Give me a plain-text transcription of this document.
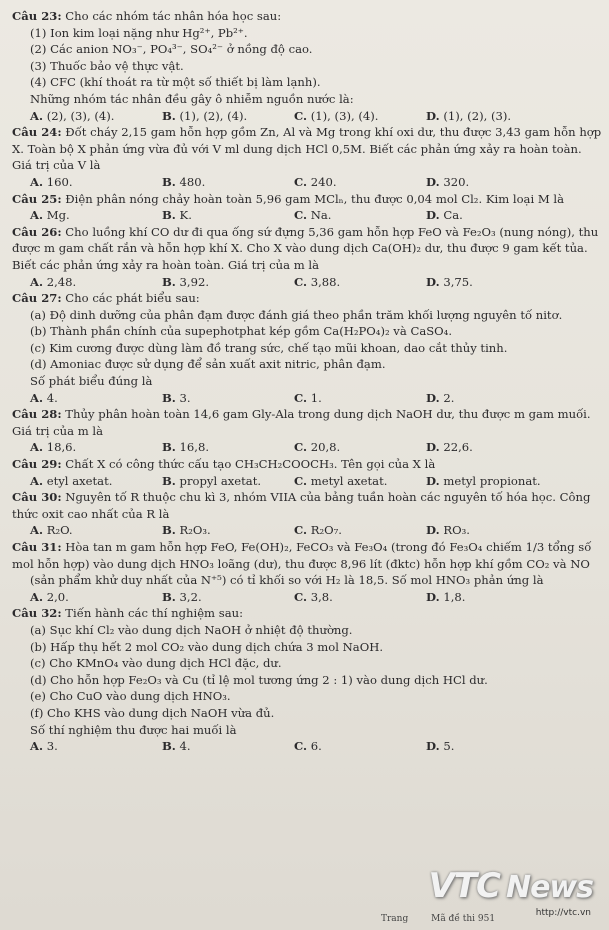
Câu 23: Cho các nhóm tác nhân hóa học sau:
(1) Ion kim loại nặng như Hg²⁺, Pb²⁺.
(2) Các anion NO₃⁻, PO₄³⁻, SO₄²⁻ ở nồng độ cao.
(3) Thuốc bảo vệ thực vật.
(4) CFC (khí thoát ra từ một số thiết bị làm lạnh).
Những nhóm tác nhân đều gây ô nhiễm nguồn nước là:
A. (2), (3), (4).	B. (1), (2), (4).	C. (1), (3), (4).	D. (1), (2), (3).
Câu 24: Đốt cháy 2,15 gam hỗn hợp gồm Zn, Al và Mg trong khí oxi dư, thu được 3,43 gam hỗn hợp
X. Toàn bộ X phản ứng vừa đủ với V ml dung dịch HCl 0,5M. Biết các phản ứng xảy ra hoàn toàn.
Giá trị của V là
A. 160.	B. 480.	C. 240.	D. 320.
Câu 25: Điện phân nóng chảy hoàn toàn 5,96 gam MClₙ, thu được 0,04 mol Cl₂. Kim loại M là
A. Mg.	B. K.	C. Na.	D. Ca.
Câu 26: Cho luồng khí CO dư đi qua ống sứ đựng 5,36 gam hỗn hợp FeO và Fe₂O₃ (nung nóng), thu
được m gam chất rắn và hỗn hợp khí X. Cho X vào dung dịch Ca(OH)₂ dư, thu được 9 gam kết tủa.
Biết các phản ứng xảy ra hoàn toàn. Giá trị của m là
A. 2,48.	B. 3,92.	C. 3,88.	D. 3,75.
Câu 27: Cho các phát biểu sau:
(a) Độ dinh dưỡng của phân đạm được đánh giá theo phần trăm khối lượng nguyên tố nitơ.
(b) Thành phần chính của supephotphat kép gồm Ca(H₂PO₄)₂ và CaSO₄.
(c) Kim cương được dùng làm đồ trang sức, chế tạo mũi khoan, dao cắt thủy tinh.
(d) Amoniac được sử dụng để sản xuất axit nitric, phân đạm.
Số phát biểu đúng là
A. 4.	B. 3.	C. 1.	D. 2.
Câu 28: Thủy phân hoàn toàn 14,6 gam Gly-Ala trong dung dịch NaOH dư, thu được m gam muối.
Giá trị của m là
A. 18,6.	B. 16,8.	C. 20,8.	D. 22,6.
Câu 29: Chất X có công thức cấu tạo CH₃CH₂COOCH₃. Tên gọi của X là
A. etyl axetat.	B. propyl axetat.	C. metyl axetat.	D. metyl propionat.
Câu 30: Nguyên tố R thuộc chu kì 3, nhóm VIIA của bảng tuần hoàn các nguyên tố hóa học. Công
thức oxit cao nhất của R là
A. R₂O.	B. R₂O₃.	C. R₂O₇.	D. RO₃.
Câu 31: Hòa tan m gam hỗn hợp FeO, Fe(OH)₂, FeCO₃ và Fe₃O₄ (trong đó Fe₃O₄ chiếm 1/3 tổng số
mol hỗn hợp) vào dung dịch HNO₃ loãng (dư), thu được 8,96 lít (đktc) hỗn hợp khí gồm CO₂ và NO
(sản phẩm khử duy nhất của N⁺⁵) có tỉ khối so với H₂ là 18,5. Số mol HNO₃ phản ứng là
A. 2,0.	B. 3,2.	C. 3,8.	D. 1,8.
Câu 32: Tiến hành các thí nghiệm sau:
(a) Sục khí Cl₂ vào dung dịch NaOH ở nhiệt độ thường.
(b) Hấp thụ hết 2 mol CO₂ vào dung dịch chứa 3 mol NaOH.
(c) Cho KMnO₄ vào dung dịch HCl đặc, dư.
(d) Cho hỗn hợp Fe₂O₃ và Cu (tỉ lệ mol tương ứng 2 : 1) vào dung dịch HCl dư.
(e) Cho CuO vào dung dịch HNO₃.
(f) Cho KHS vào dung dịch NaOH vừa đủ.
Số thí nghiệm thu được hai muối là
A. 3.	B. 4.	C. 6.	D. 5.
VTC News
http://vtc.vn
Trang	Mã đề thi 951
